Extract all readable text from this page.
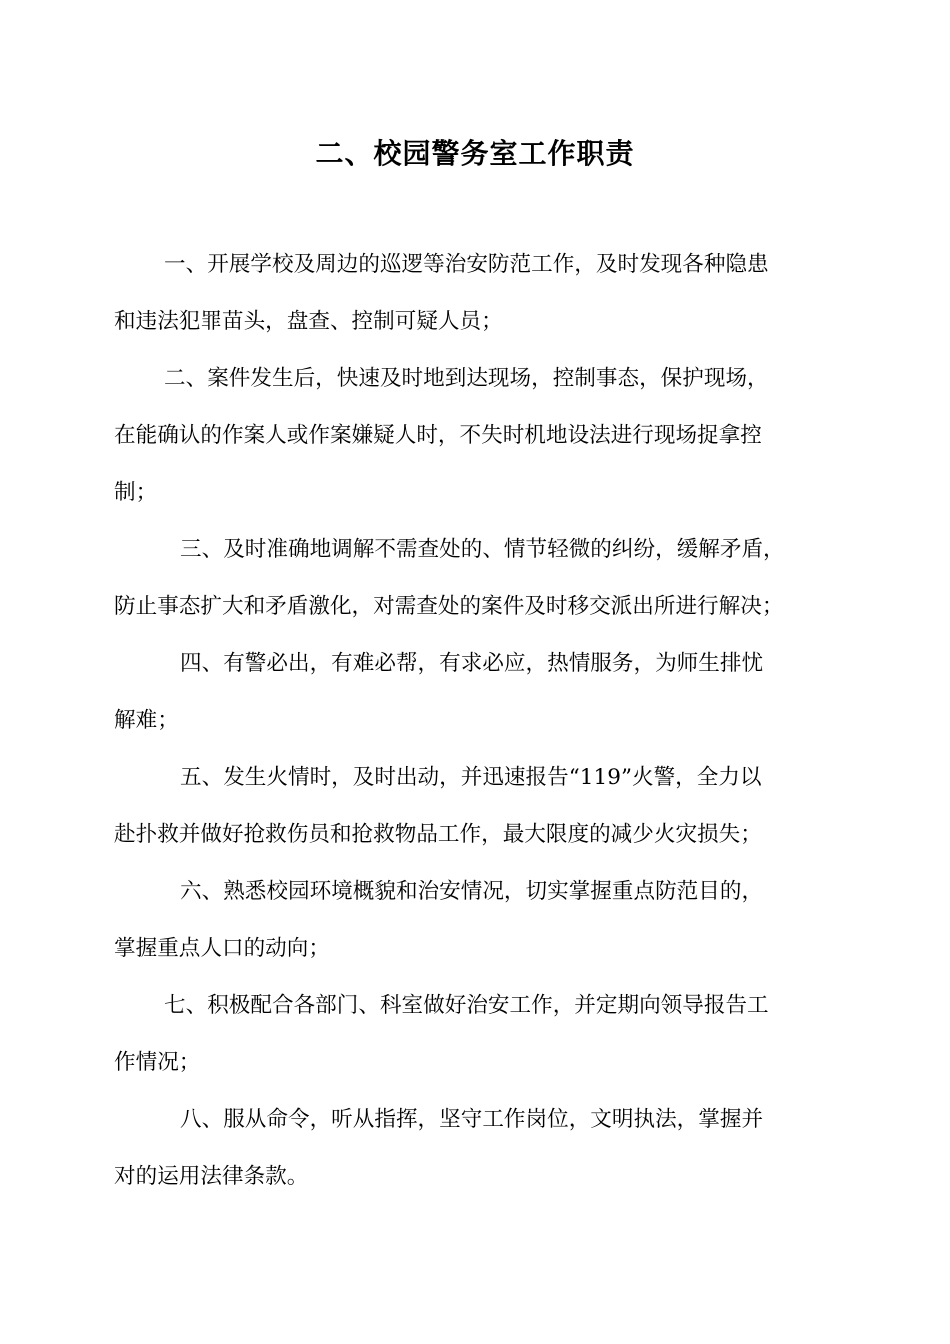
二、校园警务室工作职责
一、开展学校及周边的巡逻等治安防范工作，及时发现各种隐患
和违法犯罪苗头，盘查、控制可疑人员；
二、案件发生后，快速及时地到达现场，控制事态，保护现场，
在能确认的作案人或作案嫌疑人时，不失时机地设法进行现场捉拿控
制；
三、及时准确地调解不需查处的、情节轻微的纠纷，缓解矛盾，
防止事态扩大和矛盾激化，对需查处的案件及时移交派出所进行解决；
四、有警必出，有难必帮，有求必应，热情服务，为师生排忧
解难；
五、发生火情时，及时出动，并迅速报告“119”火警，全力以
赴扑救并做好抢救伤员和抢救物品工作，最大限度的减少火灾损失；
六、熟悉校园环境概貌和治安情况，切实掌握重点防范目的，
掌握重点人口的动向；
七、积极配合各部门、科室做好治安工作，并定期向领导报告工
作情况；
八、服从命令，听从指挥，坚守工作岗位，文明执法，掌握并
对的运用法律条款。
